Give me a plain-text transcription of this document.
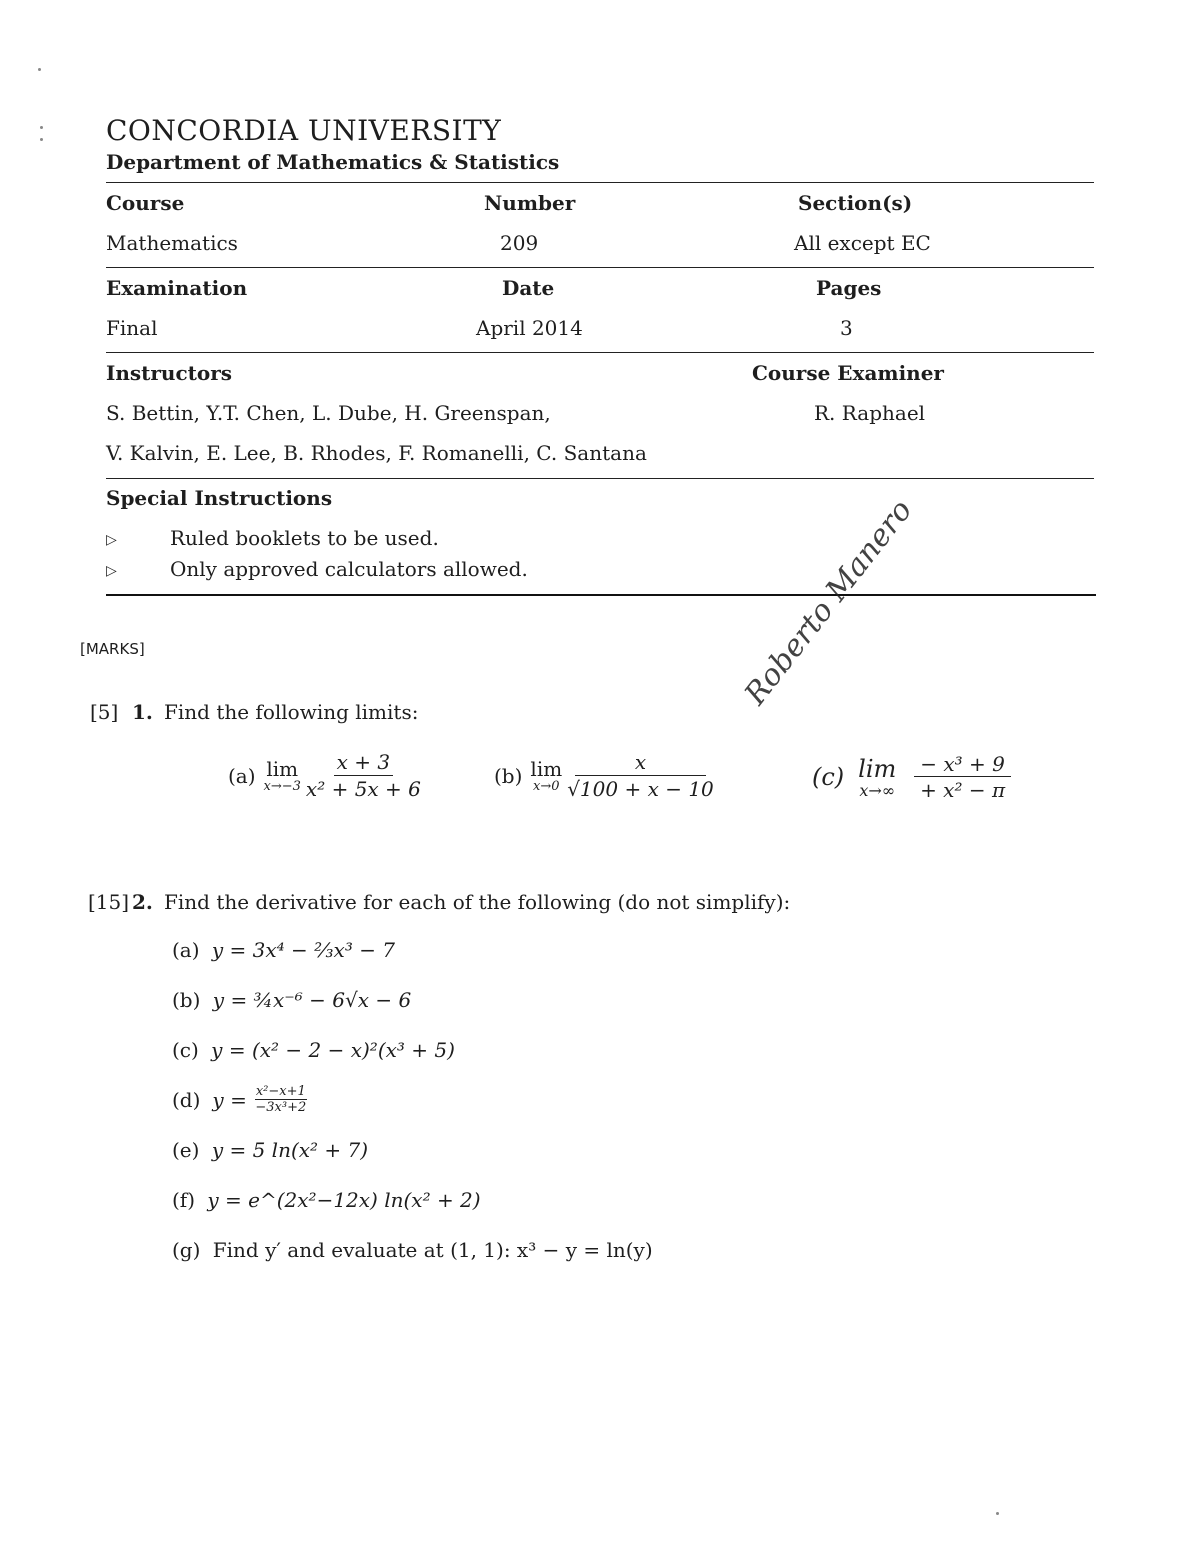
CONCORDIA UNIVERSITY
Department of Mathematics & Statistics
Course	Number	Section(s)
Mathematics	209	All except EC
Examination	Date	Pages
Final	April 2014	3
Instructors	Course Examiner
S. Bettin, Y.T. Chen, L. Dube, H. Greenspan,	R. Raphael
V. Kalvin, E. Lee, B. Rhodes, F. Romanelli, C. Santana
Special Instructions
▷	Ruled booklets to be used.
▷	Only approved calculators allowed.
[MARKS]
[5] 1. Find the following limits:
(a) lim
$x\to-3 \frac{x + 3}{\text{x² + 5x + 6}}$	(b) lim
$x\to 0 \frac{x}{√100 + x - 10}$
Roberto Manero
(c) lim
$x\to\infty \frac{\text{− x³ + 9}}{\text{+ x² − π}}$
[15] 2. Find the derivative for each of the following (do not simplify):
(a) y = 3x⁴ − ⅔x³ − 7
(b) y = ¾x⁻⁶ − 6√x − 6
(c) y = (x² − 2 − x)²(x³ + 5)
(d) $y = \frac{\text{x²−x+1}}{\text{−3x³+2}}$
(e) y = 5 ln(x² + 7)
(f) y = e^(2x²−12x) ln(x² + 2)
(g) Find y′ and evaluate at (1, 1): x³ − y = ln(y)
